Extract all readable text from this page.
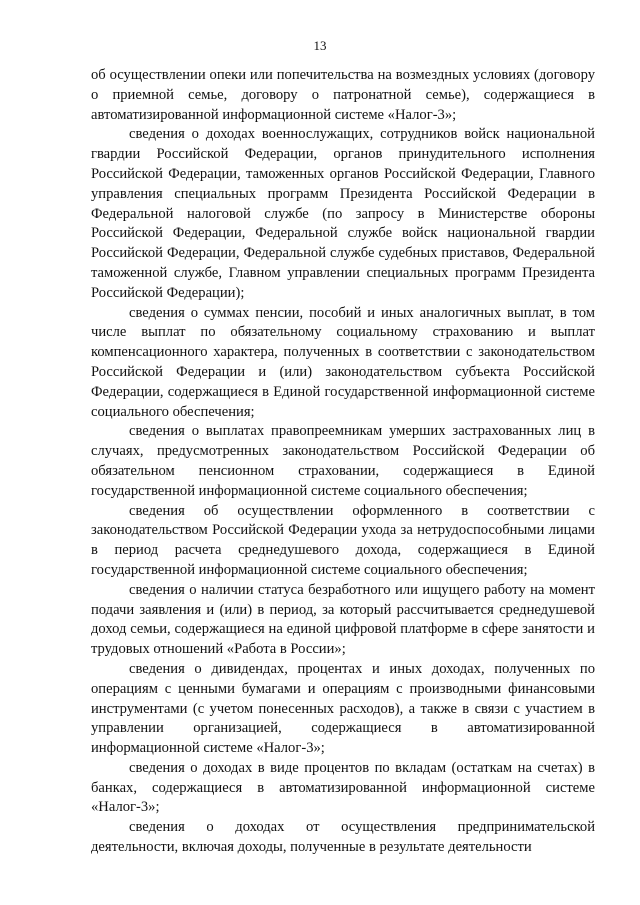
13

об осуществлении опеки или попечительства на возмездных условиях (договору о приемной семье, договору о патронатной семье), содержащиеся в автоматизированной информационной системе «Налог-3»;

сведения о доходах военнослужащих, сотрудников войск национальной гвардии Российской Федерации, органов принудительного исполнения Российской Федерации, таможенных органов Российской Федерации, Главного управления специальных программ Президента Российской Федерации в Федеральной налоговой службе (по запросу в Министерстве обороны Российской Федерации, Федеральной службе войск национальной гвардии Российской Федерации, Федеральной службе судебных приставов, Федеральной таможенной службе, Главном управлении специальных программ Президента Российской Федерации);

сведения о суммах пенсии, пособий и иных аналогичных выплат, в том числе выплат по обязательному социальному страхованию и выплат компенсационного характера, полученных в соответствии с законодательством Российской Федерации и (или) законодательством субъекта Российской Федерации, содержащиеся в Единой государственной информационной системе социального обеспечения;

сведения о выплатах правопреемникам умерших застрахованных лиц в случаях, предусмотренных законодательством Российской Федерации об обязательном пенсионном страховании, содержащиеся в Единой государственной информационной системе социального обеспечения;

сведения об осуществлении оформленного в соответствии с законодательством Российской Федерации ухода за нетрудоспособными лицами в период расчета среднедушевого дохода, содержащиеся в Единой государственной информационной системе социального обеспечения;

сведения о наличии статуса безработного или ищущего работу на момент подачи заявления и (или) в период, за который рассчитывается среднедушевой доход семьи, содержащиеся на единой цифровой платформе в сфере занятости и трудовых отношений «Работа в России»;

сведения о дивидендах, процентах и иных доходах, полученных по операциям с ценными бумагами и операциям с производными финансовыми инструментами (с учетом понесенных расходов), а также в связи с участием в управлении организацией, содержащиеся в автоматизированной информационной системе «Налог-3»;

сведения о доходах в виде процентов по вкладам (остаткам на счетах) в банках, содержащиеся в автоматизированной информационной системе «Налог-3»;

сведения о доходах от осуществления предпринимательской деятельности, включая доходы, полученные в результате деятельности
